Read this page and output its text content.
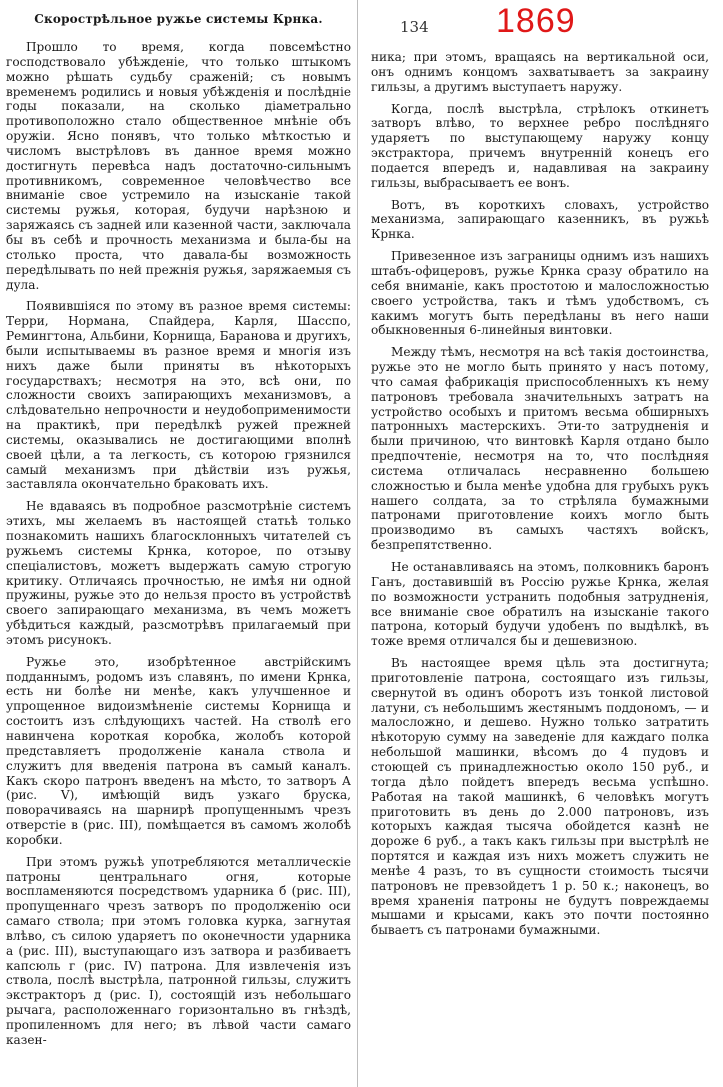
Скорострѣльное ружье системы Крнка.

Прошло то время, когда повсемѣстно господствовало убѣжденіе, что только штыкомъ можно рѣшать судьбу сраженій; съ новымъ временемъ родились и новыя убѣжденія и послѣдніе годы показали, на сколько діаметрально противоположно стало общественное мнѣніе объ оружіи. Ясно понявъ, что только мѣткостью и числомъ выстрѣловъ въ данное время можно достигнуть перевѣса надъ достаточно-сильнымъ противникомъ, современное человѣчество все вниманіе свое устремило на изысканіе такой системы ружья, которая, будучи нарѣзною и заряжаясь съ задней или казенной части, заключала бы въ себѣ и прочность механизма и была-бы на столько проста, что давала-бы возможность передѣлывать по ней прежнія ружья, заряжаемыя съ дула.

Появившіяся по этому въ разное время системы: Терри, Нормана, Спайдера, Карля, Шасспо, Ремингтона, Альбини, Корнища, Баранова и другихъ, были испытываемы въ разное время и многія изъ нихъ даже были приняты въ нѣкоторыхъ государствахъ; несмотря на это, всѣ они, по сложности своихъ запирающихъ механизмовъ, а слѣдовательно непрочности и неудобоприменимости на практикѣ, при передѣлкѣ ружей прежней системы, оказывались не достигающими вполнѣ своей цѣли, а та легкость, съ которою грязнился самый механизмъ при дѣйствіи изъ ружья, заставляла окончательно браковать ихъ.

Не вдаваясь въ подробное разсмотрѣніе системъ этихъ, мы желаемъ въ настоящей статьѣ только познакомить нашихъ благосклонныхъ читателей съ ружьемъ системы Крнка, которое, по отзыву спеціалистовъ, можетъ выдержать самую строгую критику. Отличаясь прочностью, не имѣя ни одной пружины, ружье это до нельзя просто въ устройствѣ своего запирающаго механизма, въ чемъ можетъ убѣдиться каждый, разсмотрѣвъ прилагаемый при этомъ рисунокъ.

Ружье это, изобрѣтенное австрійскимъ подданнымъ, родомъ изъ славянъ, по имени Крнка, есть ни болѣе ни менѣе, какъ улучшенное и упрощенное видоизмѣненіе системы Корнища и состоитъ изъ слѣдующихъ частей. На стволѣ его навинчена короткая коробка, жолобъ которой представляетъ продолженіе канала ствола и служитъ для введенія патрона въ самый каналъ. Какъ скоро патронъ введенъ на мѣсто, то затворъ А (рис. V), имѣющій видъ узкаго бруска, поворачиваясь на шарнирѣ пропущеннымъ чрезъ отверстіе в (рис. III), помѣщается въ самомъ жолобѣ коробки.

При этомъ ружьѣ употребляются металлическіе патроны центральнаго огня, которые воспламеняются посредствомъ ударника б (рис. III), пропущеннаго чрезъ затворъ по продолженію оси самаго ствола; при этомъ головка курка, загнутая влѣво, съ силою ударяетъ по оконечности ударника а (рис. III), выступающаго изъ затвора и разбиваетъ капсюль г (рис. IV) патрона. Для извлеченія изъ ствола, послѣ выстрѣла, патронной гильзы, служитъ экстракторъ д (рис. I), состоящій изъ небольшаго рычага, расположеннаго горизонтально въ гнѣздѣ, пропиленномъ для него; въ лѣвой части самаго казен-

134 1869

ника; при этомъ, вращаясь на вертикальной оси, онъ однимъ концомъ захватываетъ за закраину гильзы, а другимъ выступаетъ наружу.

Когда, послѣ выстрѣла, стрѣлокъ откинетъ затворъ влѣво, то верхнее ребро послѣдняго ударяетъ по выступающему наружу концу экстрактора, причемъ внутренній конецъ его подается впередъ и, надавливая на закраину гильзы, выбрасываетъ ее вонъ.

Вотъ, въ короткихъ словахъ, устройство механизма, запирающаго казенникъ, въ ружьѣ Крнка.

Привезенное изъ заграницы однимъ изъ нашихъ штабъ-офицеровъ, ружье Крнка сразу обратило на себя вниманіе, какъ простотою и малосложностью своего устройства, такъ и тѣмъ удобствомъ, съ какимъ могутъ быть передѣланы въ него наши обыкновенныя 6-линейныя винтовки.

Между тѣмъ, несмотря на всѣ такія достоинства, ружье это не могло быть принято у насъ потому, что самая фабрикація приспособленныхъ къ нему патроновъ требовала значительныхъ затратъ на устройство особыхъ и притомъ весьма обширныхъ патронныхъ мастерскихъ. Эти-то затрудненія и были причиною, что винтовкѣ Карля отдано было предпочтеніе, несмотря на то, что послѣдняя система отличалась несравненно большею сложностью и была менѣе удобна для грубыхъ рукъ нашего солдата, за то стрѣляла бумажными патронами приготовление коихъ могло быть производимо въ самыхъ частяхъ войскъ, безпрепятственно.

Не останавливаясь на этомъ, полковникъ баронъ Ганъ, доставившій въ Россію ружье Крнка, желая по возможности устранить подобныя затрудненія, все вниманіе свое обратилъ на изысканіе такого патрона, который будучи удобенъ по выдѣлкѣ, въ тоже время отличался бы и дешевизною.

Въ настоящее время цѣль эта достигнута; приготовленіе патрона, состоящаго изъ гильзы, свернутой въ одинъ оборотъ изъ тонкой листовой латуни, съ небольшимъ жестянымъ поддономъ, — и малосложно, и дешево. Нужно только затратить нѣкоторую сумму на заведеніе для каждаго полка небольшой машинки, вѣсомъ до 4 пудовъ и стоющей съ принадлежностью около 150 руб., и тогда дѣло пойдетъ впередъ весьма успѣшно. Работая на такой машинкѣ, 6 человѣкъ могутъ приготовить въ день до 2.000 патроновъ, изъ которыхъ каждая тысяча обойдется казнѣ не дороже 6 руб., а такъ какъ гильзы при выстрѣлѣ не портятся и каждая изъ нихъ можетъ служить не менѣе 4 разъ, то въ сущности стоимость тысячи патроновъ не превзойдетъ 1 р. 50 к.; наконецъ, во время храненія патроны не будутъ повреждаемы мышами и крысами, какъ это почти постоянно бываетъ съ патронами бумажными.
